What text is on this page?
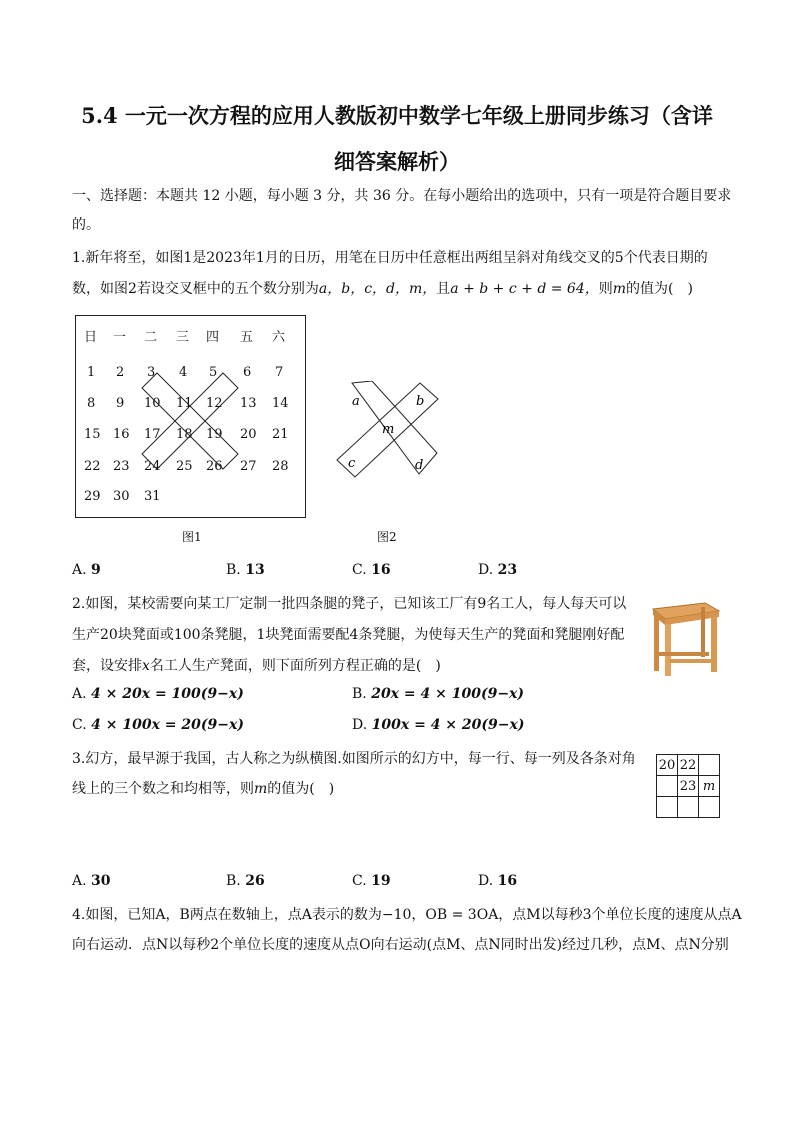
5.4 一元一次方程的应用人教版初中数学七年级上册同步练习（含详
细答案解析）
一、选择题：本题共 12 小题，每小题 3 分，共 36 分。在每小题给出的选项中，只有一项是符合题目要求
的。
1.新年将至，如图1是2023年1月的日历，用笔在日历中任意框出两组呈斜对角线交叉的5个代表日期的
数，如图2若设交叉框中的五个数分别为a，b，c，d，m，且a + b + c + d = 64，则m的值为(　)
日 一 二 三 四 五 六
1 2 3 4 5 6 7
8 9 10 11 12 13 14
15 16 17 18 19 20 21
22 23 24 25 26 27 28
29 30 31
a	b
m
c	d
图1	图2
A. 9	B. 13	C. 16	D. 23
2.如图，某校需要向某工厂定制一批四条腿的凳子，已知该工厂有9名工人，每人每天可以
生产20块凳面或100条凳腿，1块凳面需要配4条凳腿，为使每天生产的凳面和凳腿刚好配
套，设安排x名工人生产凳面，则下面所列方程正确的是(　)
A. 4 × 20x = 100(9−x)	B. 20x = 4 × 100(9−x)
C. 4 × 100x = 20(9−x)	D. 100x = 4 × 20(9−x)
3.幻方，最早源于我国，古人称之为纵横图.如图所示的幻方中，每一行、每一列及各条对角
线上的三个数之和均相等，则m的值为(　)
20	22	
	23	m

A. 30	B. 26	C. 19	D. 16
4.如图，已知A，B两点在数轴上，点A表示的数为−10，OB = 3OA，点M以每秒3个单位长度的速度从点A
向右运动．点N以每秒2个单位长度的速度从点O向右运动(点M、点N同时出发)经过几秒，点M、点N分别
